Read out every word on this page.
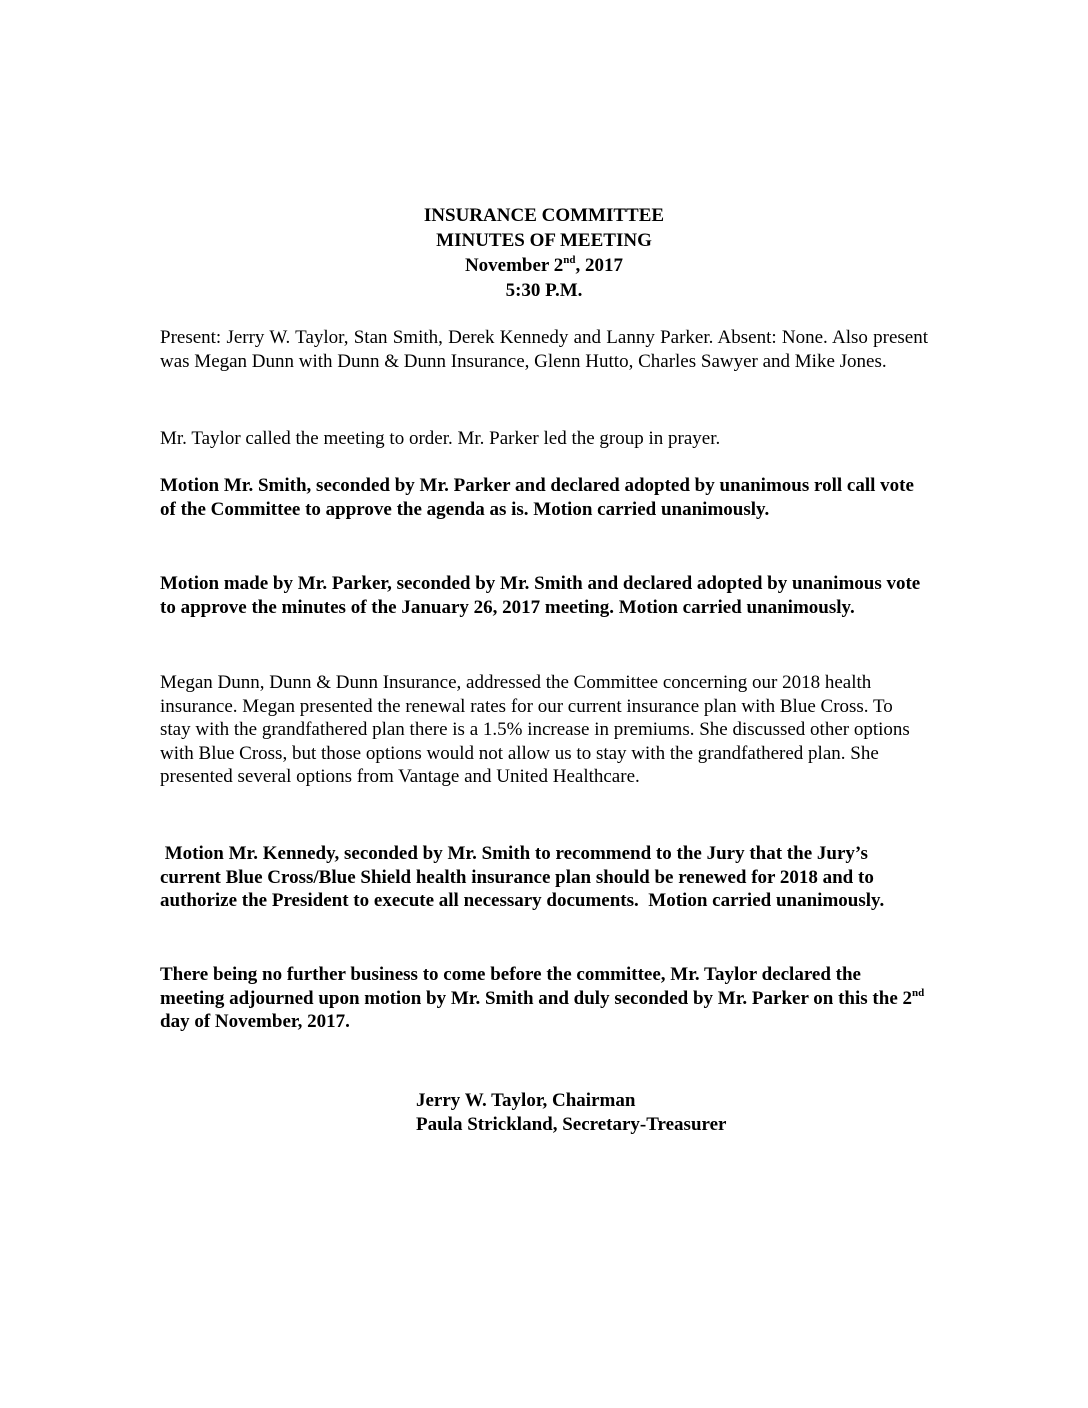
INSURANCE COMMITTEE
MINUTES OF MEETING
November 2nd, 2017
5:30 P.M.
Present: Jerry W. Taylor, Stan Smith, Derek Kennedy and Lanny Parker. Absent: None. Also present was Megan Dunn with Dunn & Dunn Insurance, Glenn Hutto, Charles Sawyer and Mike Jones.
Mr. Taylor called the meeting to order. Mr. Parker led the group in prayer.
Motion Mr. Smith, seconded by Mr. Parker and declared adopted by unanimous roll call vote of the Committee to approve the agenda as is. Motion carried unanimously.
Motion made by Mr. Parker, seconded by Mr. Smith and declared adopted by unanimous vote to approve the minutes of the January 26, 2017 meeting. Motion carried unanimously.
Megan Dunn, Dunn & Dunn Insurance, addressed the Committee concerning our 2018 health insurance. Megan presented the renewal rates for our current insurance plan with Blue Cross. To stay with the grandfathered plan there is a 1.5% increase in premiums. She discussed other options with Blue Cross, but those options would not allow us to stay with the grandfathered plan. She presented several options from Vantage and United Healthcare.
Motion Mr. Kennedy, seconded by Mr. Smith to recommend to the Jury that the Jury’s current Blue Cross/Blue Shield health insurance plan should be renewed for 2018 and to authorize the President to execute all necessary documents.  Motion carried unanimously.
There being no further business to come before the committee, Mr. Taylor declared the meeting adjourned upon motion by Mr. Smith and duly seconded by Mr. Parker on this the 2nd day of November, 2017.
Jerry W. Taylor, Chairman
Paula Strickland, Secretary-Treasurer
